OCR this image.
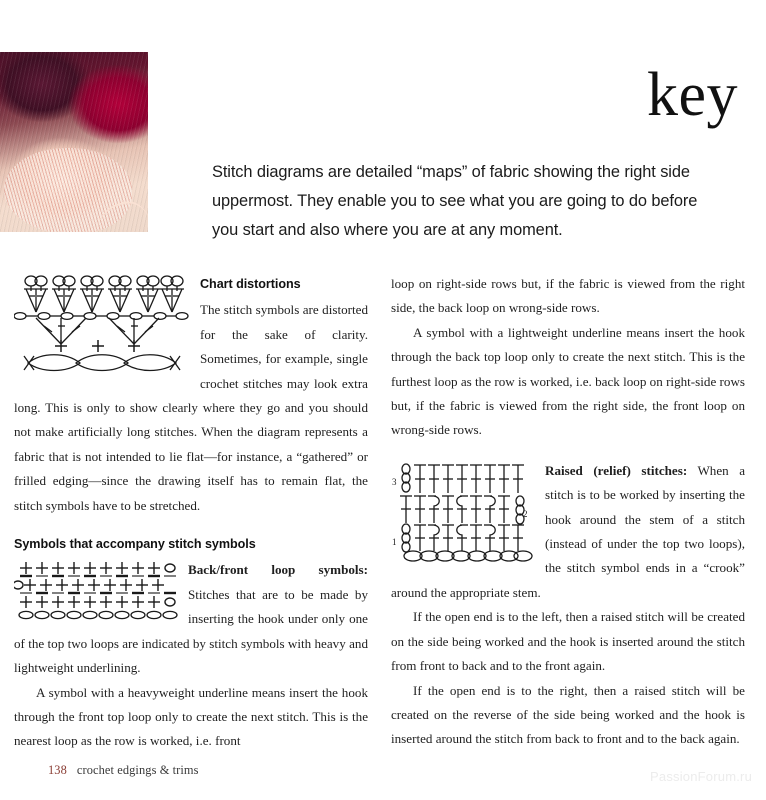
key
Stitch diagrams are detailed “maps” of fabric showing the right side uppermost. They enable you to see what you are going to do before you start and also where you are at any moment.
Chart distortions

The stitch symbols are distorted for the sake of clarity. Sometimes, for example, single crochet stitches may look extra long. This is only to show clearly where they go and you should not make artificially long stitches. When the diagram represents a fabric that is not intended to lie flat—for instance, a “gathered” or frilled edging—since the drawing itself has to remain flat, the stitch symbols have to be stretched.

Symbols that accompany stitch symbols

Back/front loop symbols: Stitches that are to be made by inserting the hook under only one of the top two loops are indicated by stitch symbols with heavy and lightweight underlining.

A symbol with a heavyweight underline means insert the hook through the front top loop only to create the next stitch. This is the nearest loop as the row is worked, i.e. front

loop on right-side rows but, if the fabric is viewed from the right side, the back loop on wrong-side rows.

A symbol with a lightweight underline means insert the hook through the back top loop only to create the next stitch. This is the furthest loop as the row is worked, i.e. back loop on right-side rows but, if the fabric is viewed from the right side, the front loop on wrong-side rows.

3
2
1

Raised (relief) stitches: When a stitch is to be worked by inserting the hook around the stem of a stitch (instead of under the top two loops), the stitch symbol ends in a “crook” around the appropriate stem.

If the open end is to the left, then a raised stitch will be created on the side being worked and the hook is inserted around the stitch from front to back and to the front again.

If the open end is to the right, then a raised stitch will be created on the reverse of the side being worked and the hook is inserted around the stitch from back to front and to the back again.

138 crochet edgings & trims	PassionForum.ru
